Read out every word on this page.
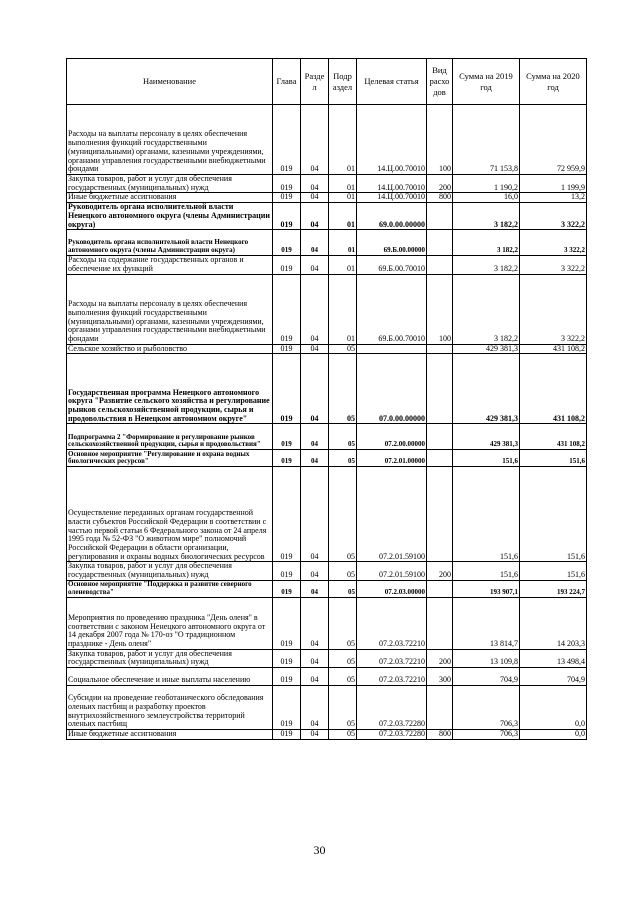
Наименование	Глава	Разде л	Подр аздел	Целевая статья	Вид расхо дов	Сумма на 2019 год	Сумма на 2020 год
Расходы на выплаты персоналу в целях обеспечения выполнения функций государственными (муниципальными) органами, казенными учреждениями, органами управления государственными внебюджетными фондами	019	04	01	14.Ц.00.70010	100	71 153,8	72 959,9
Закупка товаров, работ и услуг для обеспечения государственных (муниципальных) нужд	019	04	01	14.Ц.00.70010	200	1 190,2	1 199,9
Иные бюджетные ассигнования	019	04	01	14.Ц.00.70010	800	16,0	13,2
Руководитель органа исполнительной власти Ненецкого автономного округа (члены Администрации округа)	019	04	01	69.0.00.00000		3 182,2	3 322,2
Руководитель органа исполнительной власти Ненецкого автономного округа (члены Администрации округа)	019	04	01	69.Б.00.00000		3 182,2	3 322,2
Расходы на содержание государственных органов и обеспечение их функций	019	04	01	69.Б.00.70010		3 182,2	3 322,2
Расходы на выплаты персоналу в целях обеспечения выполнения функций государственными (муниципальными) органами, казенными учреждениями, органами управления государственными внебюджетными фондами	019	04	01	69.Б.00.70010	100	3 182,2	3 322,2
Сельское хозяйство и рыболовство	019	04	05			429 381,3	431 108,2
Государственная программа Ненецкого автономного округа "Развитие сельского хозяйства и регулирование рынков сельскохозяйственной продукции, сырья и продовольствия в Ненецком автономном округе"	019	04	05	07.0.00.00000		429 381,3	431 108,2
Подпрограмма 2 "Формирование и регулирование рынков сельскохозяйственной продукции, сырья и продовольствия"	019	04	05	07.2.00.00000		429 381,3	431 108,2
Основное мероприятие "Регулирование и охрана водных биологических ресурсов"	019	04	05	07.2.01.00000		151,6	151,6
Осуществление переданных органам государственной власти субъектов Российской Федерации в соответствии с частью первой статьи 6 Федерального закона от 24 апреля 1995 года № 52-ФЗ "О животном мире" полномочий Российской Федерации в области организации, регулирования и охраны водных биологических ресурсов	019	04	05	07.2.01.59100		151,6	151,6
Закупка товаров, работ и услуг для обеспечения государственных (муниципальных) нужд	019	04	05	07.2.01.59100	200	151,6	151,6
Основное мероприятие "Поддержка и развитие северного оленеводства"	019	04	05	07.2.03.00000		193 907,1	193 224,7
Мероприятия по проведению праздника "День оленя" в соответствии с законом Ненецкого автономного округа от 14 декабря 2007 года № 170-оз "О традиционном празднике - День оленя"	019	04	05	07.2.03.72210		13 814,7	14 203,3
Закупка товаров, работ и услуг для обеспечения государственных (муниципальных) нужд	019	04	05	07.2.03.72210	200	13 109,8	13 498,4
Социальное обеспечение и иные выплаты населению	019	04	05	07.2.03.72210	300	704,9	704,9
Субсидии на проведение геоботанического обследования оленьих пастбищ и разработку проектов внутрихозяйственного землеустройства территорий оленьих пастбищ	019	04	05	07.2.03.72280		706,3	0,0
Иные бюджетные ассигнования	019	04	05	07.2.03.72280	800	706,3	0,0
30
